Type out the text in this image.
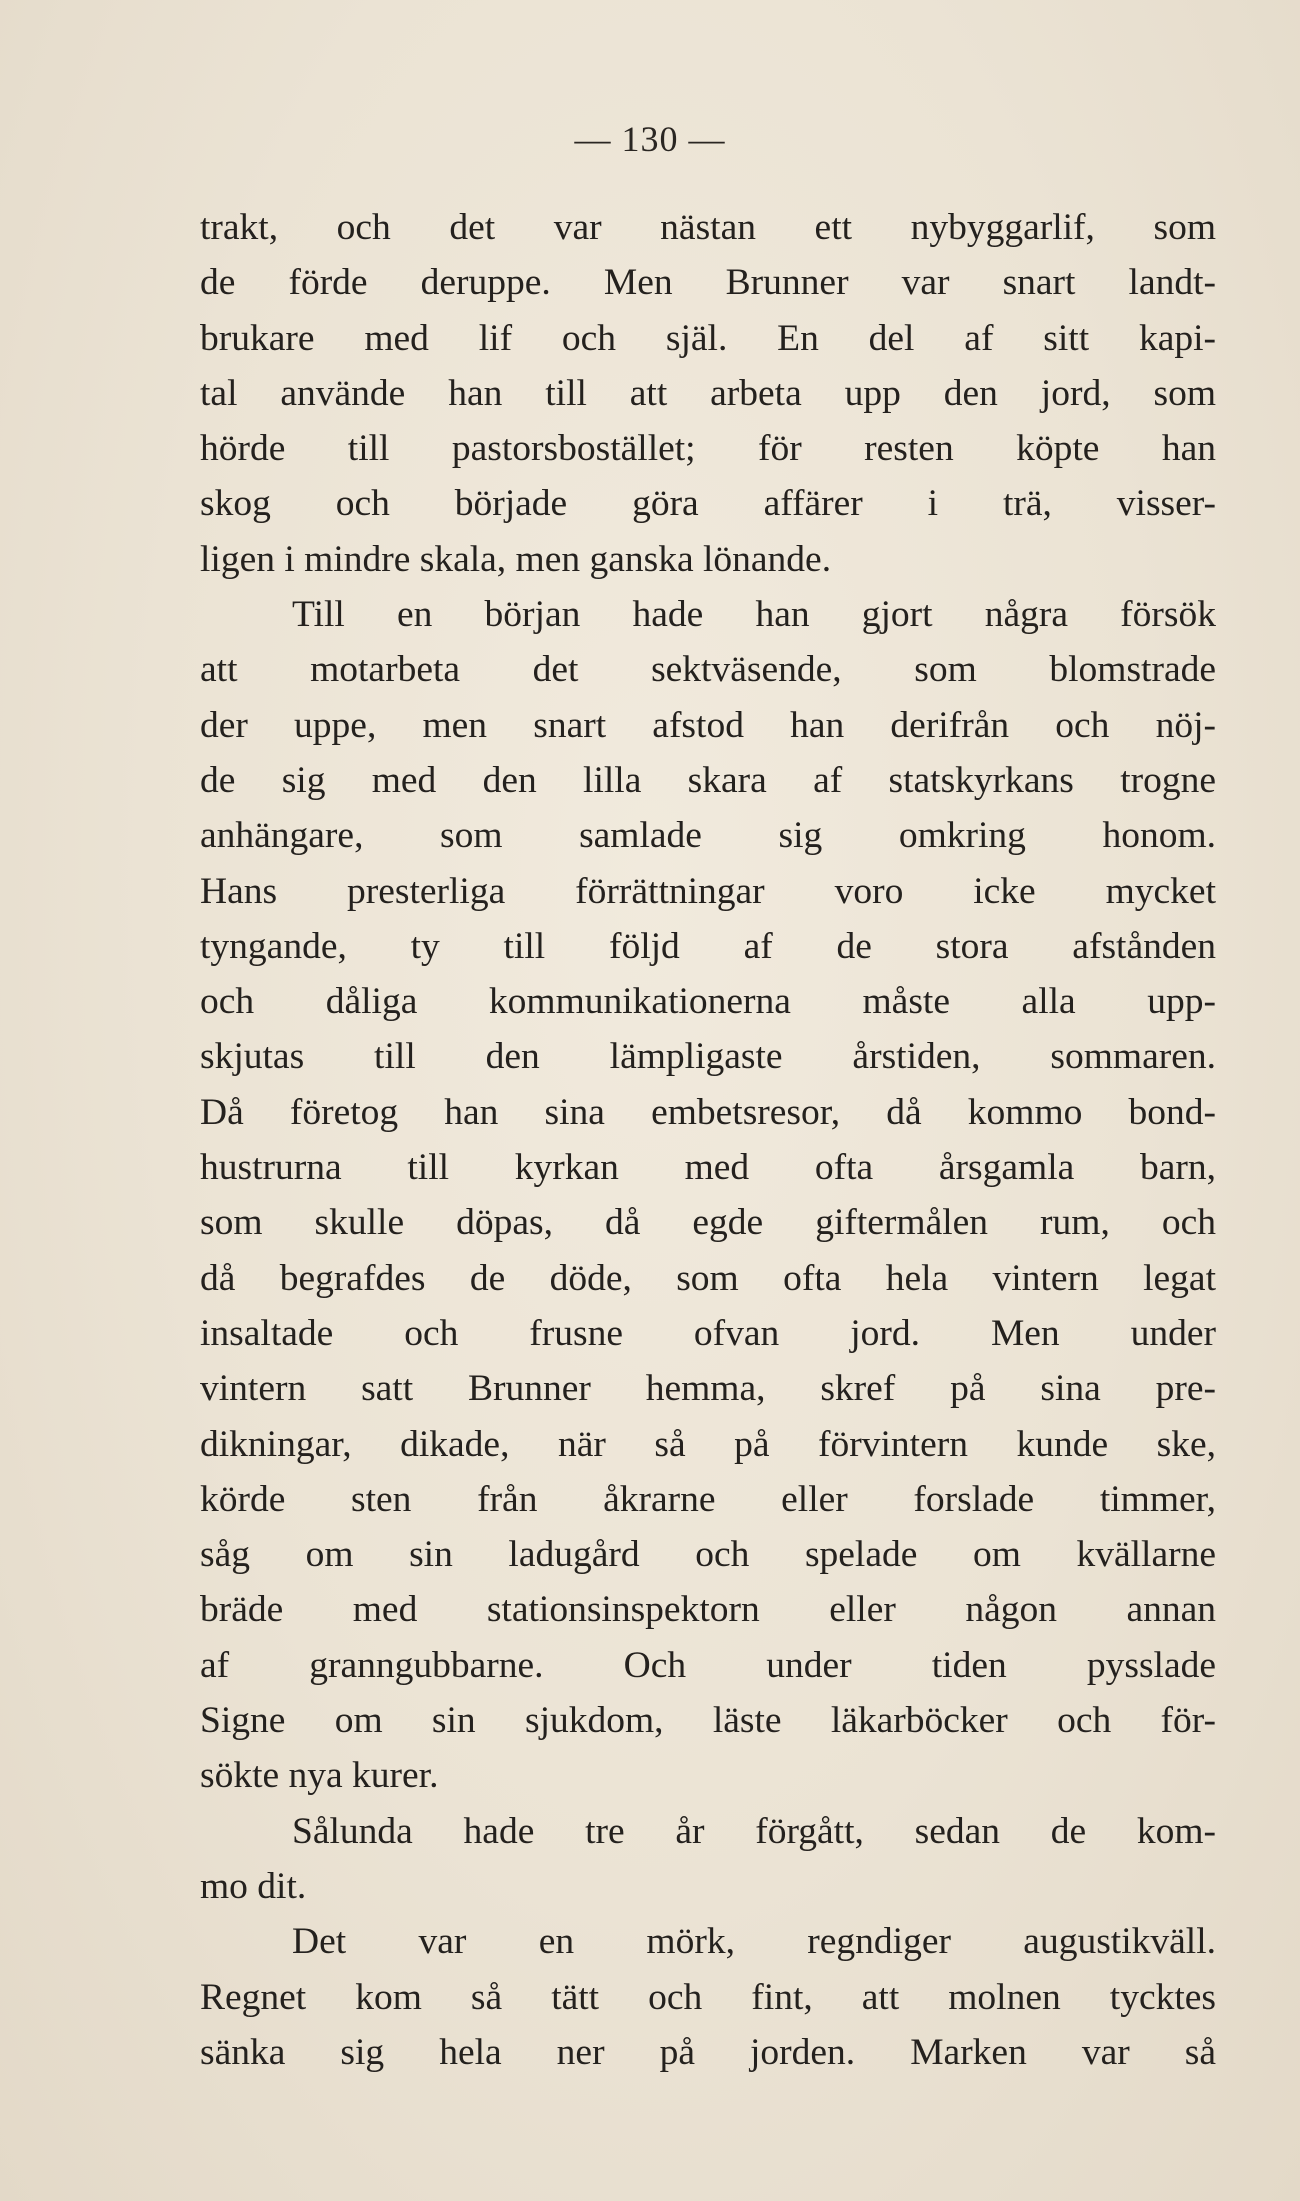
— 130 —
trakt, och det var nästan ett nybyggarlif, som
de förde deruppe. Men Brunner var snart landt-
brukare med lif och själ. En del af sitt kapi-
tal använde han till att arbeta upp den jord, som
hörde till pastorsbostället; för resten köpte han
skog och började göra affärer i trä, visser-
ligen i mindre skala, men ganska lönande.
Till en början hade han gjort några försök
att motarbeta det sektväsende, som blomstrade
der uppe, men snart afstod han derifrån och nöj-
de sig med den lilla skara af statskyrkans trogne
anhängare, som samlade sig omkring honom.
Hans presterliga förrättningar voro icke mycket
tyngande, ty till följd af de stora afstånden
och dåliga kommunikationerna måste alla upp-
skjutas till den lämpligaste årstiden, sommaren.
Då företog han sina embetsresor, då kommo bond-
hustrurna till kyrkan med ofta årsgamla barn,
som skulle döpas, då egde giftermålen rum, och
då begrafdes de döde, som ofta hela vintern legat
insaltade och frusne ofvan jord. Men under
vintern satt Brunner hemma, skref på sina pre-
dikningar, dikade, när så på förvintern kunde ske,
körde sten från åkrarne eller forslade timmer,
såg om sin ladugård och spelade om kvällarne
bräde med stationsinspektorn eller någon annan
af granngubbarne. Och under tiden pysslade
Signe om sin sjukdom, läste läkarböcker och för-
sökte nya kurer.
Sålunda hade tre år förgått, sedan de kom-
mo dit.
Det var en mörk, regndiger augustikväll.
Regnet kom så tätt och fint, att molnen tycktes
sänka sig hela ner på jorden. Marken var så
